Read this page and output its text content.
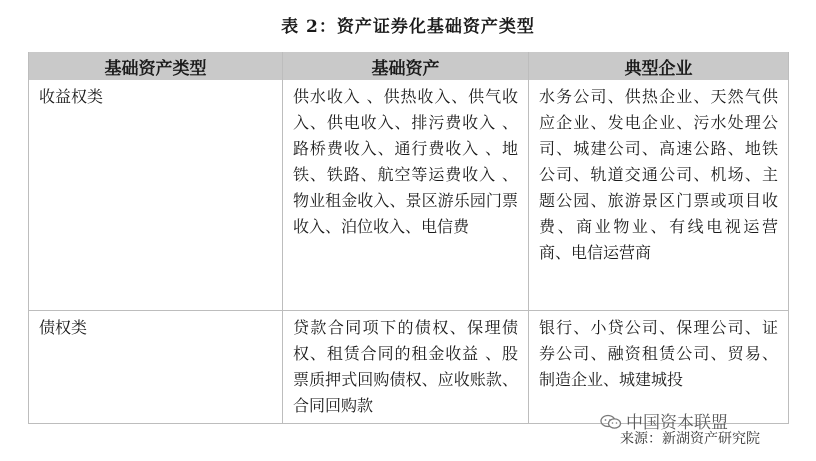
表 2：资产证券化基础资产类型
基础资产类型	基础资产	典型企业
收益权类	供水收入 、供热收入、供气收入、供电收入、排污费收入 、路桥费收入、通行费收入 、地铁、铁路、航空等运费收入 、物业租金收入、景区游乐园门票收入、泊位收入、电信费	水务公司、供热企业、天然气供应企业、发电企业、污水处理公司、城建公司、高速公路、地铁公司、轨道交通公司、机场、主题公园、旅游景区门票或项目收费、商业物业、有线电视运营商、电信运营商
债权类	贷款合同项下的债权、保理债权、租赁合同的租金收益 、股票质押式回购债权、应收账款、合同回购款	银行、小贷公司、保理公司、证券公司、融资租赁公司、贸易、制造企业、城建城投
中国资本联盟
来源：新湖资产研究院
